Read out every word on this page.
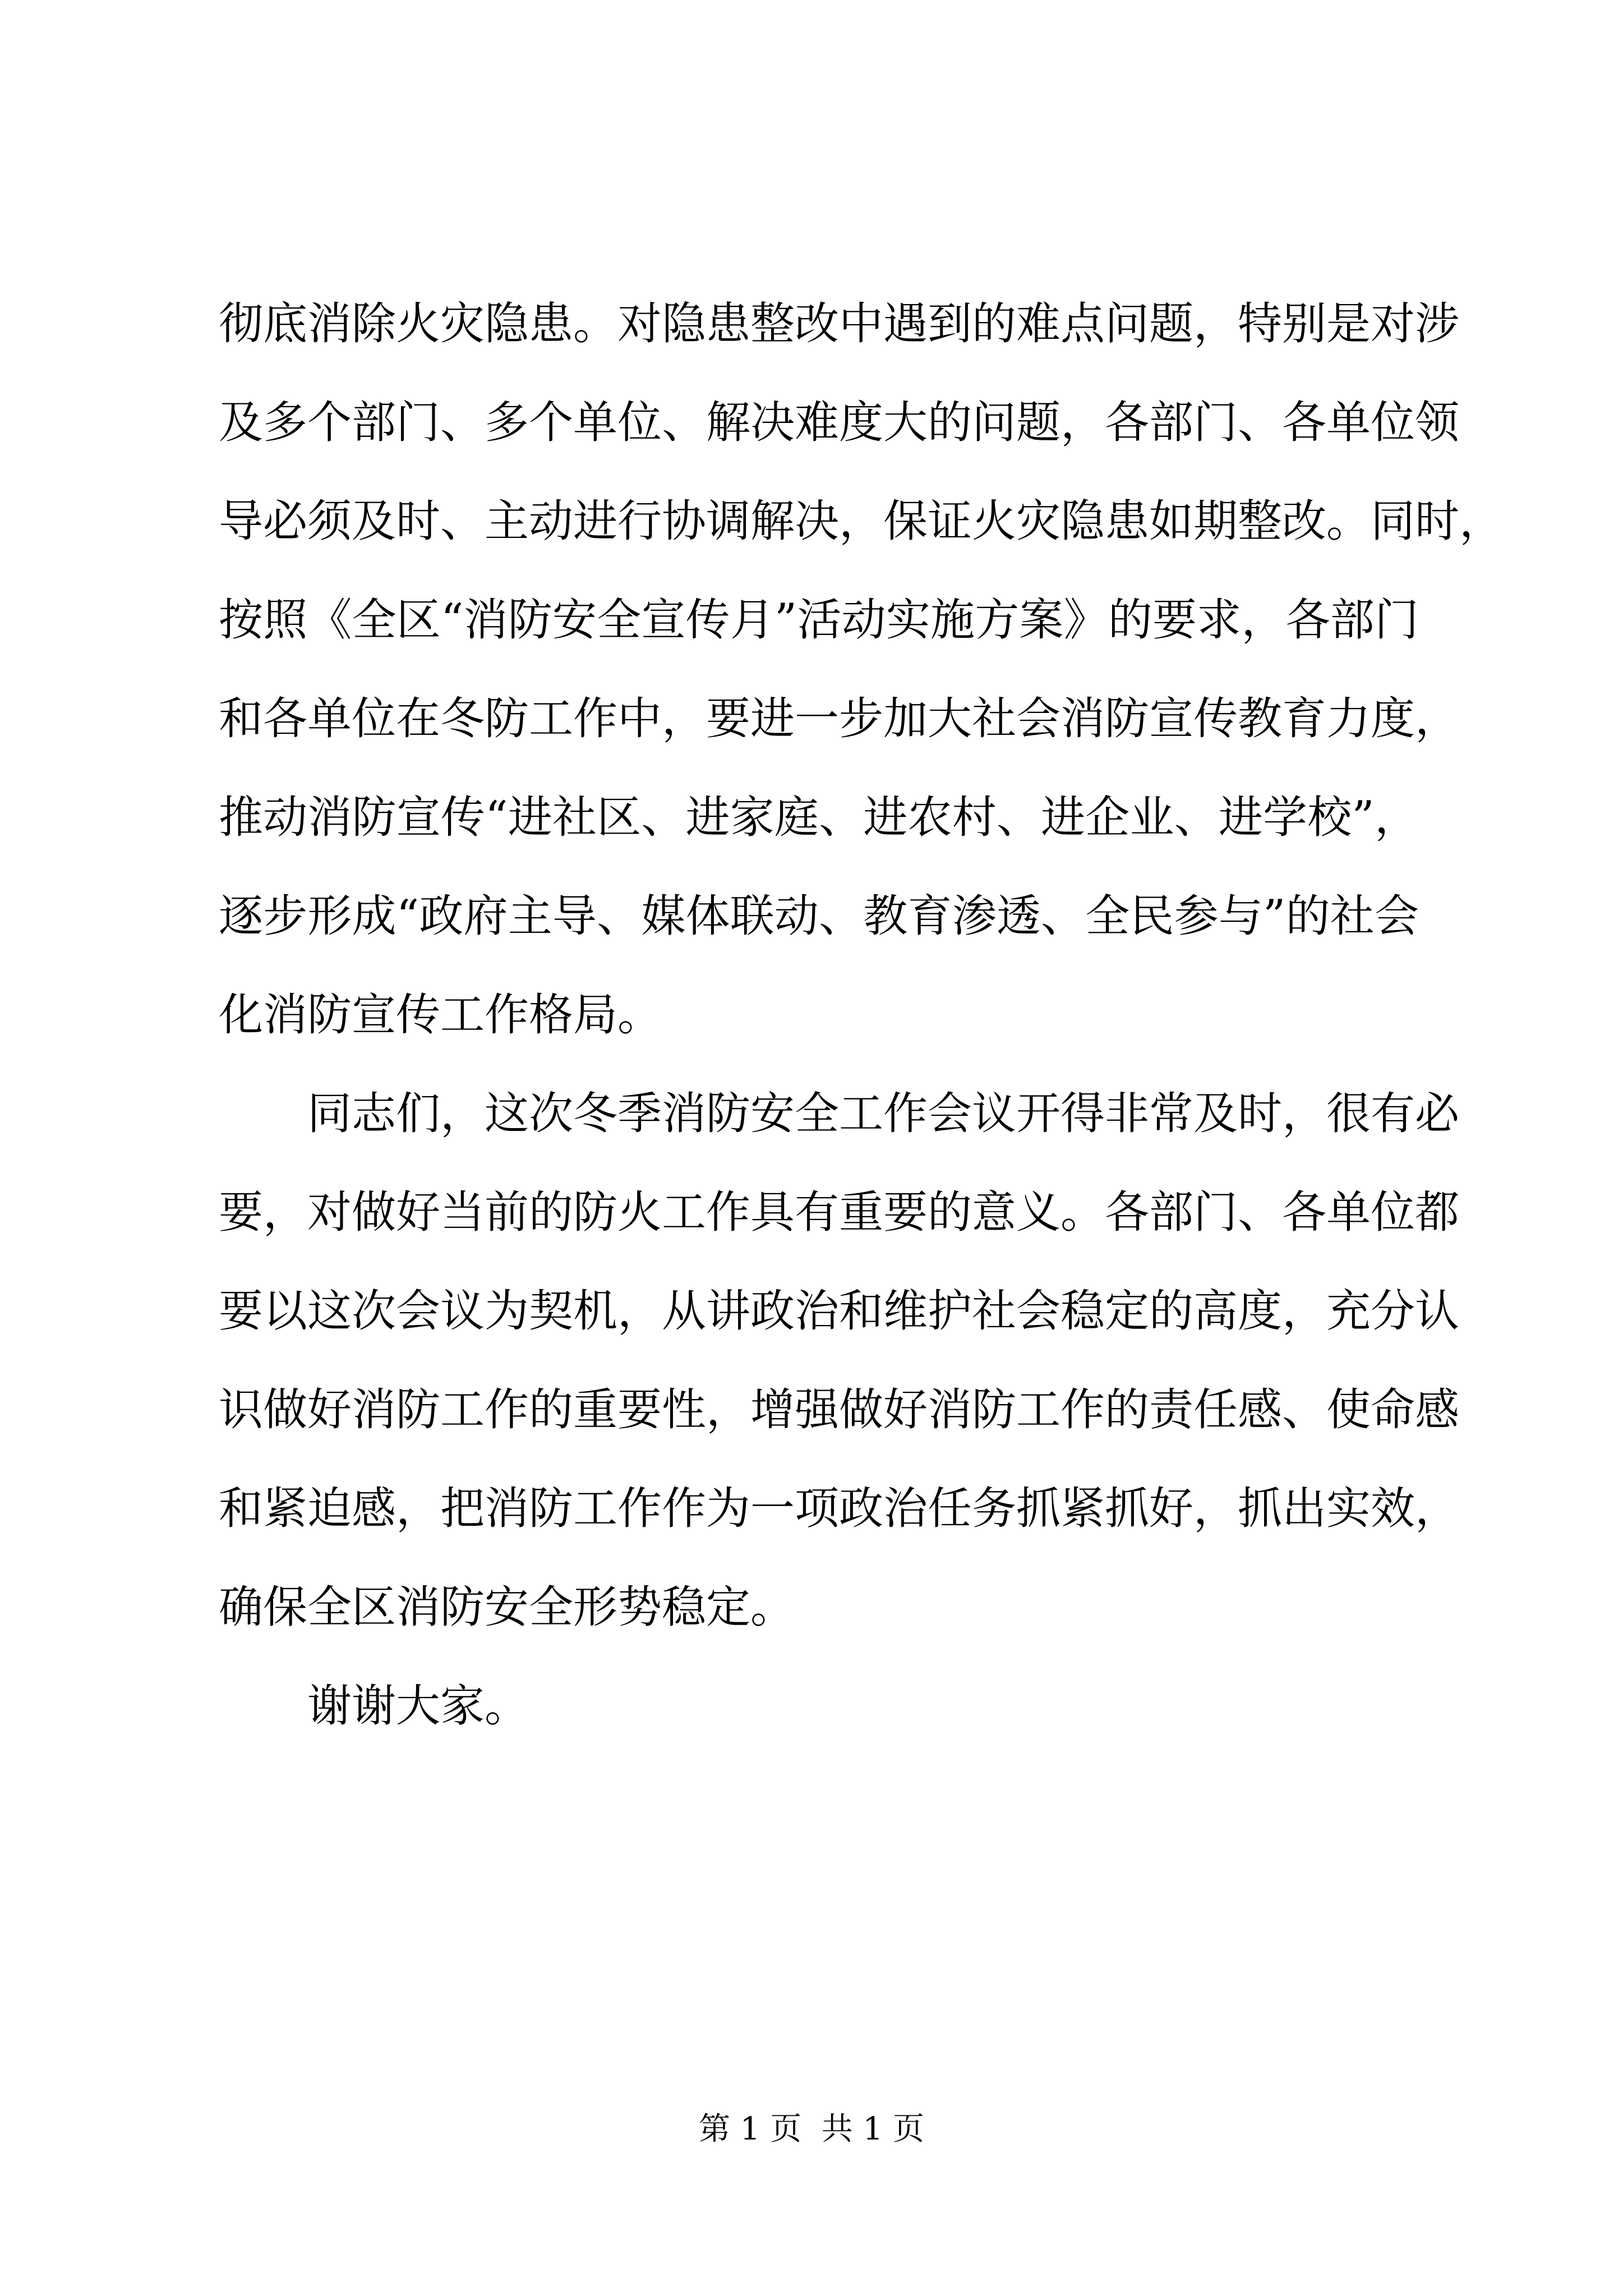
彻底消除火灾隐患。对隐患整改中遇到的难点问题，特别是对涉
及多个部门、多个单位、解决难度大的问题，各部门、各单位领
导必须及时、主动进行协调解决，保证火灾隐患如期整改。同时，
按照《全区“消防安全宣传月”活动实施方案》的要求，各部门
和各单位在冬防工作中，要进一步加大社会消防宣传教育力度，
推动消防宣传“进社区、进家庭、进农村、进企业、进学校”，
逐步形成“政府主导、媒体联动、教育渗透、全民参与”的社会
化消防宣传工作格局。
同志们，这次冬季消防安全工作会议开得非常及时，很有必
要，对做好当前的防火工作具有重要的意义。各部门、各单位都
要以这次会议为契机，从讲政治和维护社会稳定的高度，充分认
识做好消防工作的重要性，增强做好消防工作的责任感、使命感
和紧迫感，把消防工作作为一项政治任务抓紧抓好，抓出实效，
确保全区消防安全形势稳定。
谢谢大家。
第 1 页  共 1 页
